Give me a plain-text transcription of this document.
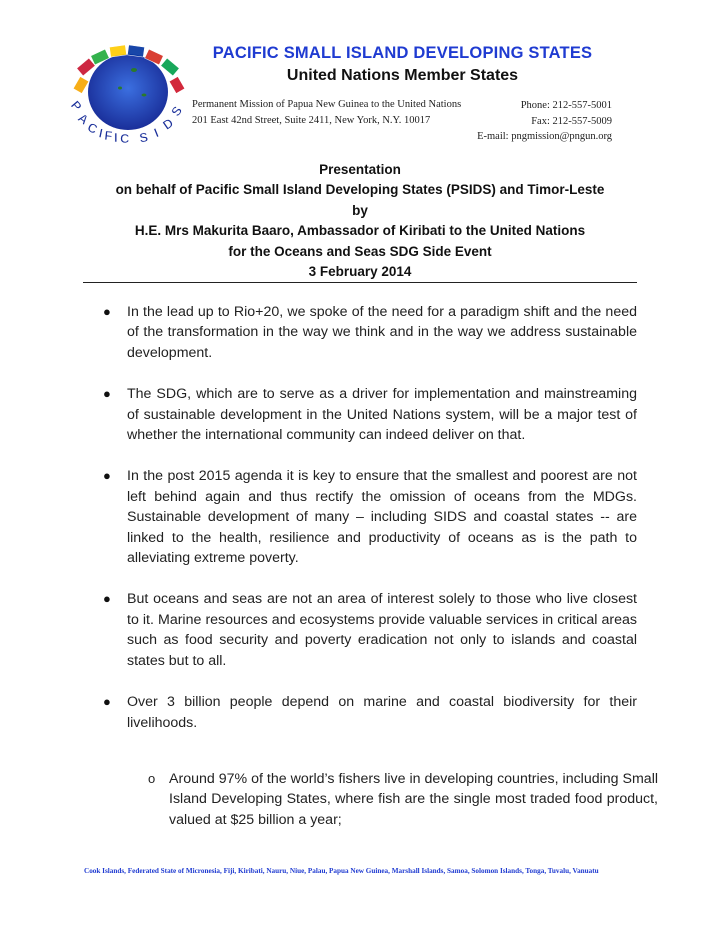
P
A
C
I F I C S I D
S
PACIFIC SMALL ISLAND DEVELOPING STATES
United Nations Member States
Permanent Mission of Papua New Guinea to the United Nations
201 East 42nd Street, Suite 2411, New York, N.Y. 10017
Phone: 212-557-5001
Fax: 212-557-5009
E-mail: pngmission@pngun.org
Presentation
on behalf of Pacific Small Island Developing States (PSIDS) and Timor-Leste
by
H.E. Mrs Makurita Baaro, Ambassador of Kiribati to the United Nations
for the Oceans and Seas SDG Side Event
3 February 2014
● In the lead up to Rio+20, we spoke of the need for a paradigm shift and the need of the transformation in the way we think and in the way we address sustainable development.
● The SDG, which are to serve as a driver for implementation and mainstreaming of sustainable development in the United Nations system, will be a major test of whether the international community can indeed deliver on that.
● In the post 2015 agenda it is key to ensure that the smallest and poorest are not left behind again and thus rectify the omission of oceans from the MDGs. Sustainable development of many – including SIDS and coastal states -- are linked to the health, resilience and productivity of oceans as is the path to alleviating extreme poverty.
● But oceans and seas are not an area of interest solely to those who live closest to it. Marine resources and ecosystems provide valuable services in critical areas such as food security and poverty eradication not only to islands and coastal states but to all.
● Over 3 billion people depend on marine and coastal biodiversity for their livelihoods.
o Around 97% of the world’s fishers live in developing countries, including Small Island Developing States, where fish are the single most traded food product, valued at $25 billion a year;
Cook Islands, Federated State of Micronesia, Fiji, Kiribati, Nauru, Niue, Palau, Papua New Guinea, Marshall Islands, Samoa, Solomon Islands, Tonga, Tuvalu, Vanuatu
